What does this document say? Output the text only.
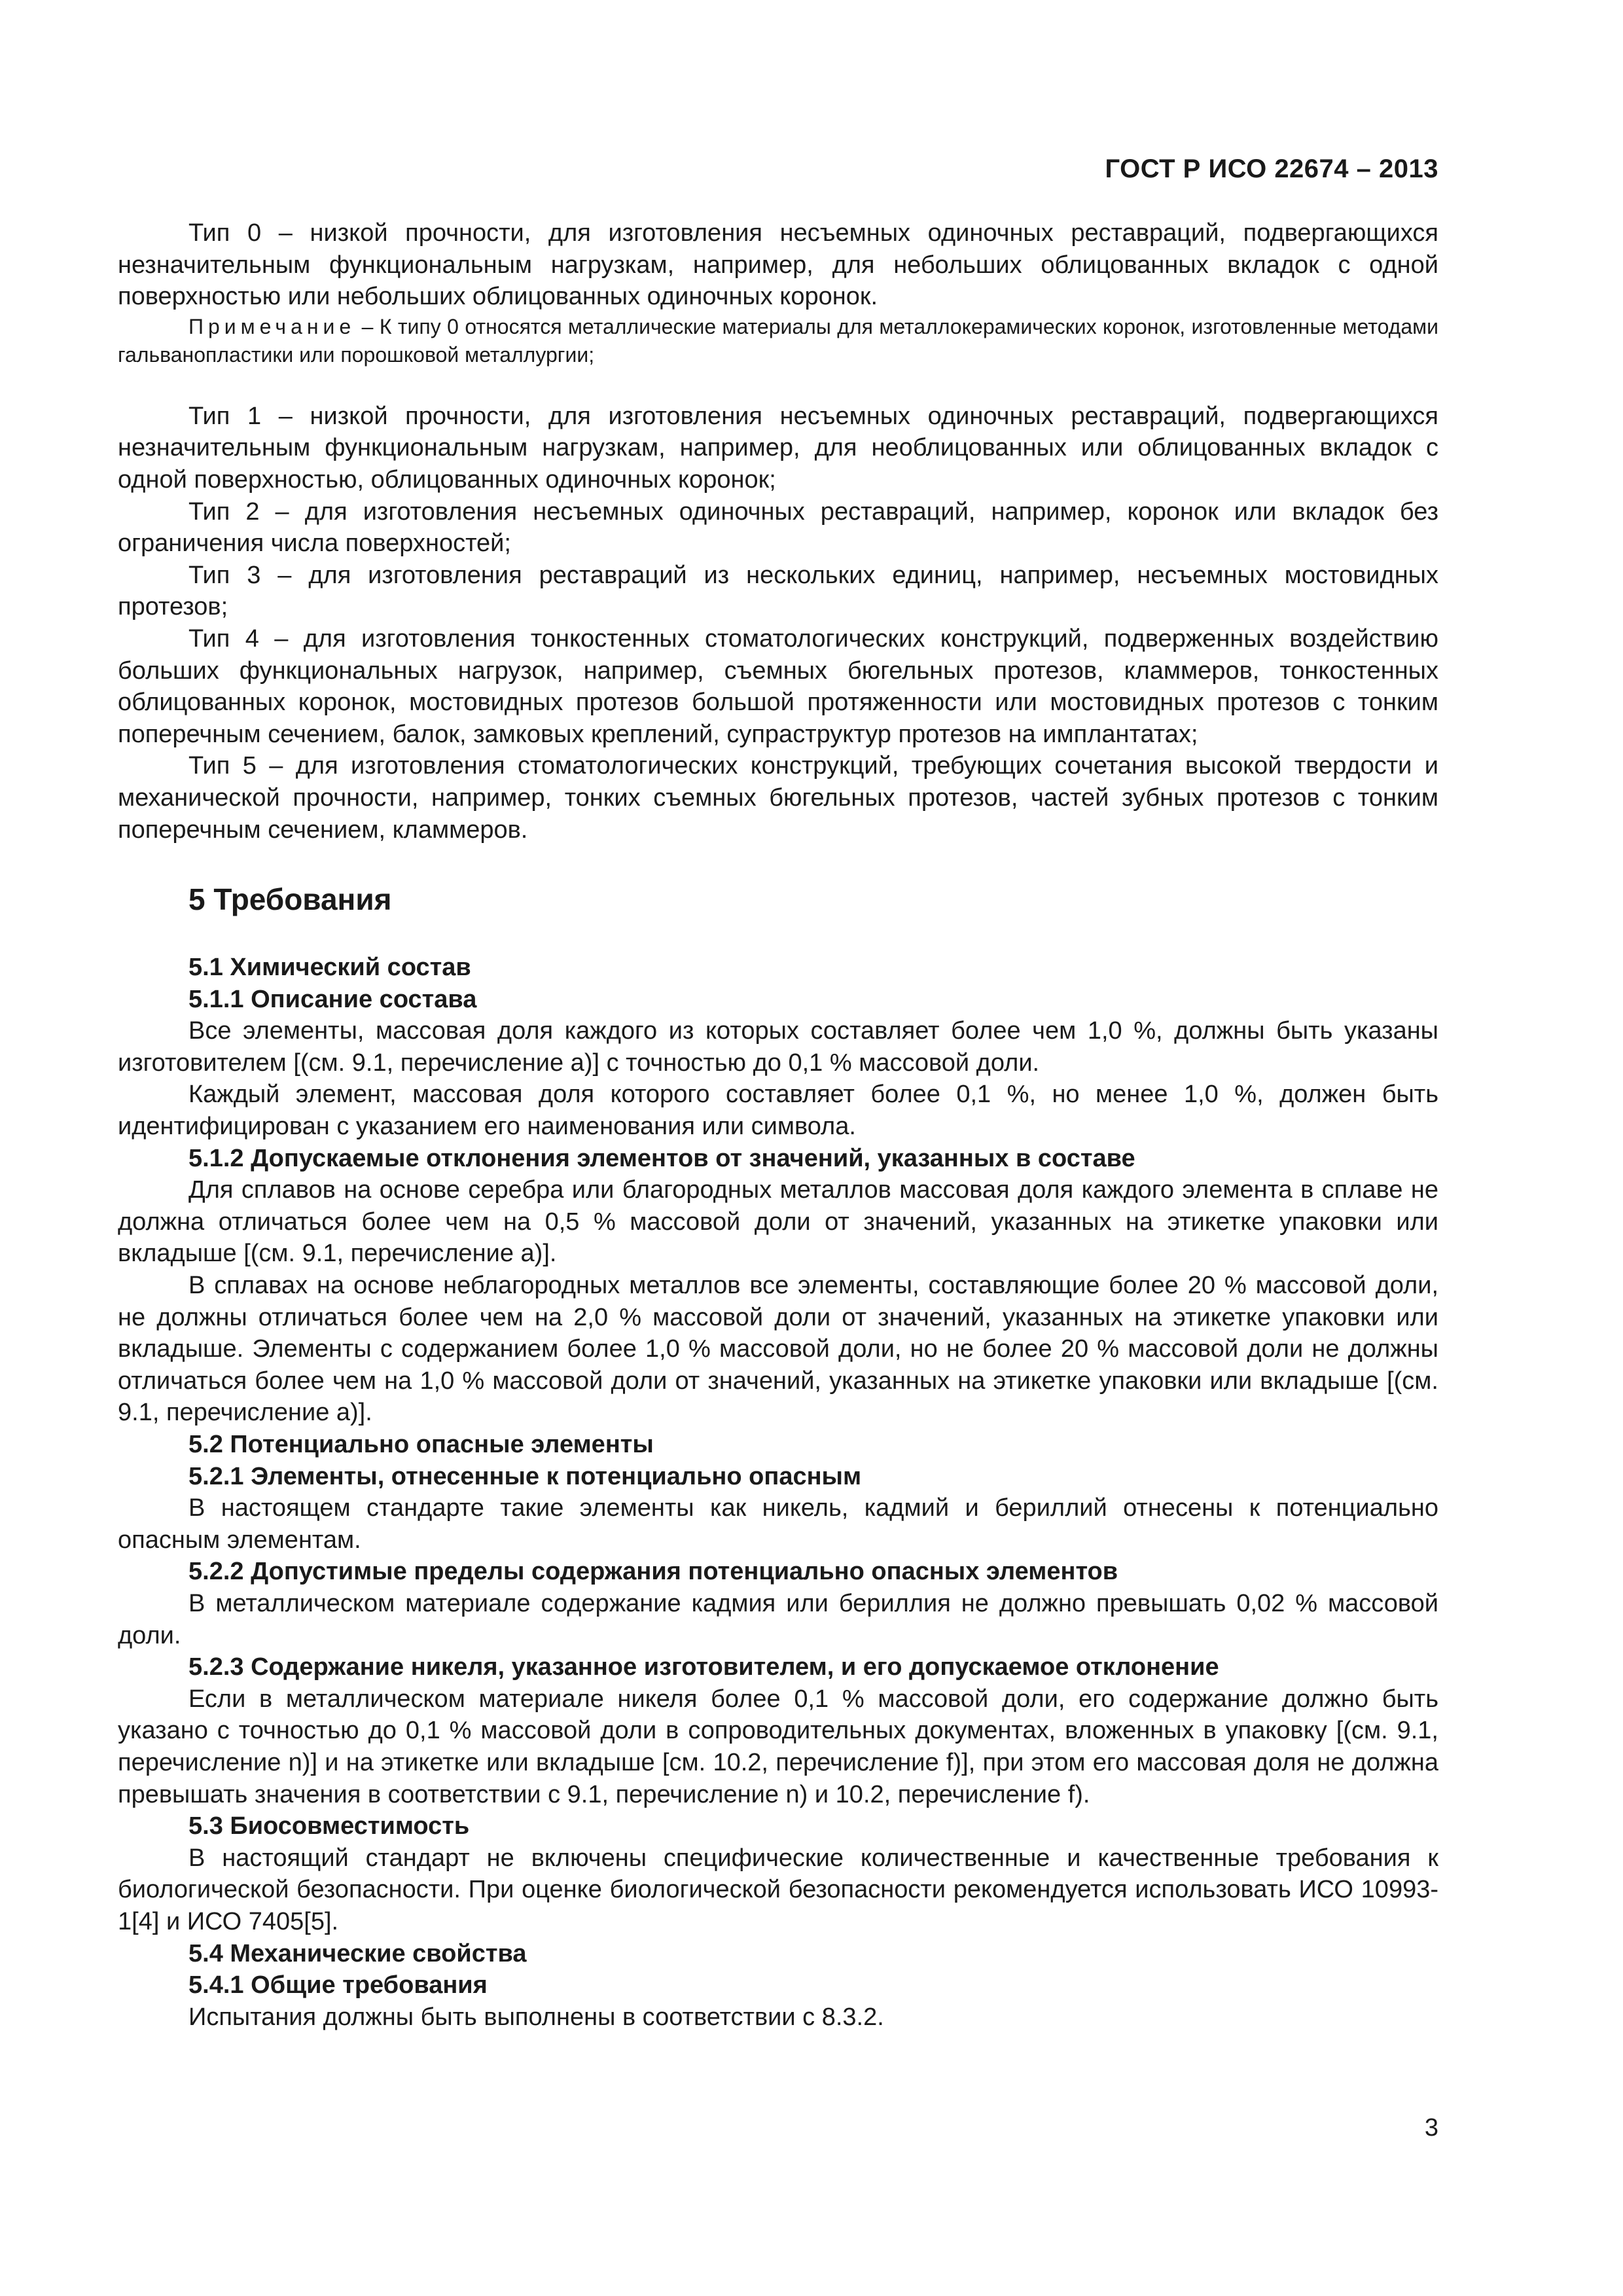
ГОСТ Р ИСО 22674 – 2013

Тип 0 – низкой прочности, для изготовления несъемных одиночных реставраций, подвергающихся незначительным функциональным нагрузкам, например, для небольших облицованных вкладок с одной поверхностью или небольших облицованных одиночных коронок.

Примечание – К типу 0 относятся металлические материалы для металлокерамических коронок, изготовленные методами гальванопластики или порошковой металлургии;

Тип 1 – низкой прочности, для изготовления несъемных одиночных реставраций, подвергающихся незначительным функциональным нагрузкам, например, для необлицованных или облицованных вкладок с одной поверхностью, облицованных одиночных коронок;

Тип 2 – для изготовления несъемных одиночных реставраций, например, коронок или вкладок без ограничения числа поверхностей;

Тип 3 – для изготовления реставраций из нескольких единиц, например, несъемных мостовидных протезов;

Тип 4 – для изготовления тонкостенных стоматологических конструкций, подверженных воздействию больших функциональных нагрузок, например, съемных бюгельных протезов, кламмеров, тонкостенных облицованных коронок, мостовидных протезов большой протяженности или мостовидных протезов с тонким поперечным сечением, балок, замковых креплений, супраструктур протезов на имплантатах;

Тип 5 – для изготовления стоматологических конструкций, требующих сочетания высокой твердости и механической прочности, например, тонких съемных бюгельных протезов, частей зубных протезов с тонким поперечным сечением, кламмеров.

5 Требования

5.1 Химический состав

5.1.1 Описание состава

Все элементы, массовая доля каждого из которых составляет более чем 1,0 %, должны быть указаны изготовителем [(см. 9.1, перечисление а)] с точностью до 0,1 % массовой доли.

Каждый элемент, массовая доля которого составляет более 0,1 %, но менее 1,0 %, должен быть идентифицирован с указанием его наименования или символа.

5.1.2 Допускаемые отклонения элементов от значений, указанных в составе

Для сплавов на основе серебра или благородных металлов массовая доля каждого элемента в сплаве не должна отличаться более чем на 0,5 % массовой доли от значений, указанных на этикетке упаковки или вкладыше [(см. 9.1, перечисление а)].

В сплавах на основе неблагородных металлов все элементы, составляющие более 20 % массовой доли, не должны отличаться более чем на 2,0 % массовой доли от значений, указанных на этикетке упаковки или вкладыше. Элементы с содержанием более 1,0 % массовой доли, но не более 20 % массовой доли не должны отличаться более чем на 1,0 % массовой доли от значений, указанных на этикетке упаковки или вкладыше [(см. 9.1, перечисление а)].

5.2 Потенциально опасные элементы

5.2.1 Элементы, отнесенные к потенциально опасным

В настоящем стандарте такие элементы как никель, кадмий и бериллий отнесены к потенциально опасным элементам.

5.2.2 Допустимые пределы содержания потенциально опасных элементов

В металлическом материале содержание кадмия или бериллия не должно превышать 0,02 % массовой доли.

5.2.3 Содержание никеля, указанное изготовителем, и его допускаемое отклонение

Если в металлическом материале никеля более 0,1 % массовой доли, его содержание должно быть указано с точностью до 0,1 % массовой доли в сопроводительных документах, вложенных в упаковку [(см. 9.1, перечисление n)] и на этикетке или вкладыше [см. 10.2, перечисление f)], при этом его массовая доля не должна превышать значения в соответствии с 9.1, перечисление n) и 10.2, перечисление f).

5.3 Биосовместимость

В настоящий стандарт не включены специфические количественные и качественные требования к биологической безопасности. При оценке биологической безопасности рекомендуется использовать ИСО 10993-1[4] и ИСО 7405[5].

5.4 Механические свойства

5.4.1 Общие требования

Испытания должны быть выполнены в соответствии с 8.3.2.

3
